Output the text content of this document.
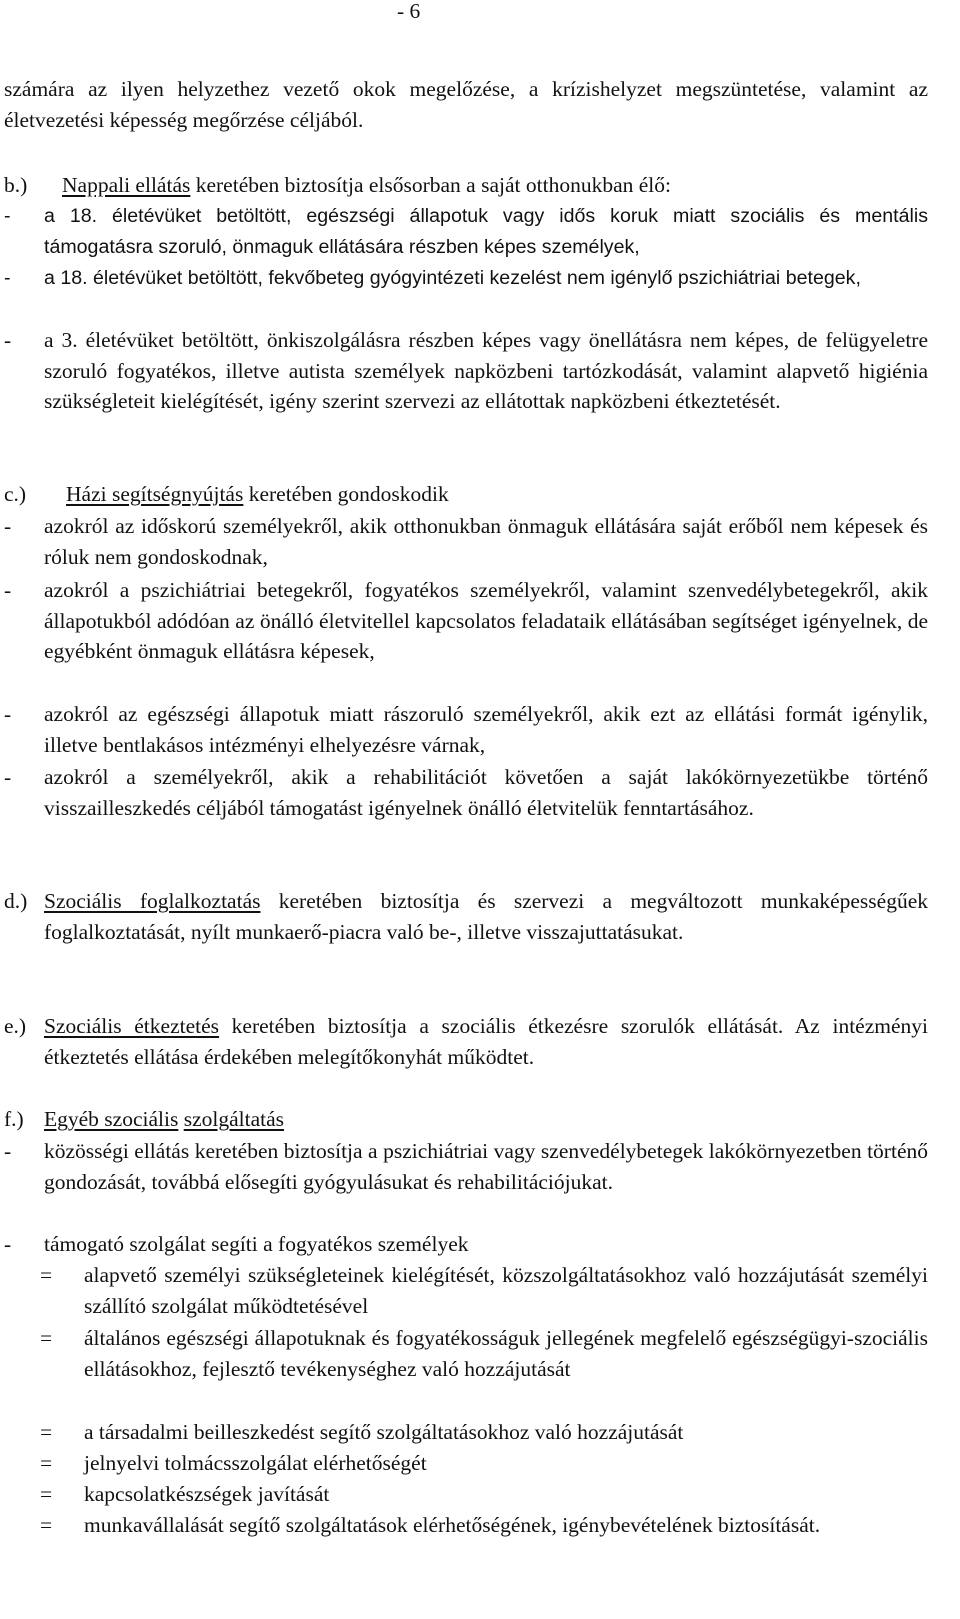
- 6
számára az ilyen helyzethez vezető okok megelőzése, a krízishelyzet megszüntetése, valamint az életvezetési képesség megőrzése céljából.
b.) Nappali ellátás keretében biztosítja elsősorban a saját otthonukban élő:
- a 18. életévüket betöltött, egészségi állapotuk vagy idős koruk miatt szociális és mentális támogatásra szoruló, önmaguk ellátására részben képes személyek,
- a 18. életévüket betöltött, fekvőbeteg gyógyintézeti kezelést nem igénylő pszichiátriai betegek,
- a 3. életévüket betöltött, önkiszolgálásra részben képes vagy önellátásra nem képes, de felügyeletre szoruló fogyatékos, illetve autista személyek napközbeni tartózkodását, valamint alapvető higiénia szükségleteit kielégítését, igény szerint szervezi az ellátottak napközbeni étkeztetését.
c.) Házi segítségnyújtás keretében gondoskodik
- azokról az időskorú személyekről, akik otthonukban önmaguk ellátására saját erőből nem képesek és róluk nem gondoskodnak,
- azokról a pszichiátriai betegekről, fogyatékos személyekről, valamint szenvedélybetegekről, akik állapotukból adódóan az önálló életvitellel kapcsolatos feladataik ellátásában segítséget igényelnek, de egyébként önmaguk ellátásra képesek,
- azokról az egészségi állapotuk miatt rászoruló személyekről, akik ezt az ellátási formát igénylik, illetve bentlakásos intézményi elhelyezésre várnak,
- azokról a személyekről, akik a rehabilitációt követően a saját lakókörnyezetükbe történő visszailleszkedés céljából támogatást igényelnek önálló életvitelük fenntartásához.
d.) Szociális foglalkoztatás keretében biztosítja és szervezi a megváltozott munkaképességűek foglalkoztatását, nyílt munkaerő-piacra való be-, illetve visszajuttatásukat.
e.) Szociális étkeztetés keretében biztosítja a szociális étkezésre szorulók ellátását. Az intézményi étkeztetés ellátása érdekében melegítőkonyhát működtet.
f.) Egyéb szociális szolgáltatás
- közösségi ellátás keretében biztosítja a pszichiátriai vagy szenvedélybetegek lakókörnyezetben történő gondozását, továbbá elősegíti gyógyulásukat és rehabilitációjukat.
- támogató szolgálat segíti a fogyatékos személyek
= alapvető személyi szükségleteinek kielégítését, közszolgáltatásokhoz való hozzájutását személyi szállító szolgálat működtetésével
= általános egészségi állapotuknak és fogyatékosságuk jellegének megfelelő egészségügyi-szociális ellátásokhoz, fejlesztő tevékenységhez való hozzájutását
= a társadalmi beilleszkedést segítő szolgáltatásokhoz való hozzájutását
= jelnyelvi tolmácsszolgálat elérhetőségét
= kapcsolatkészségek javítását
= munkavállalását segítő szolgáltatások elérhetőségének, igénybevételének biztosítását.
